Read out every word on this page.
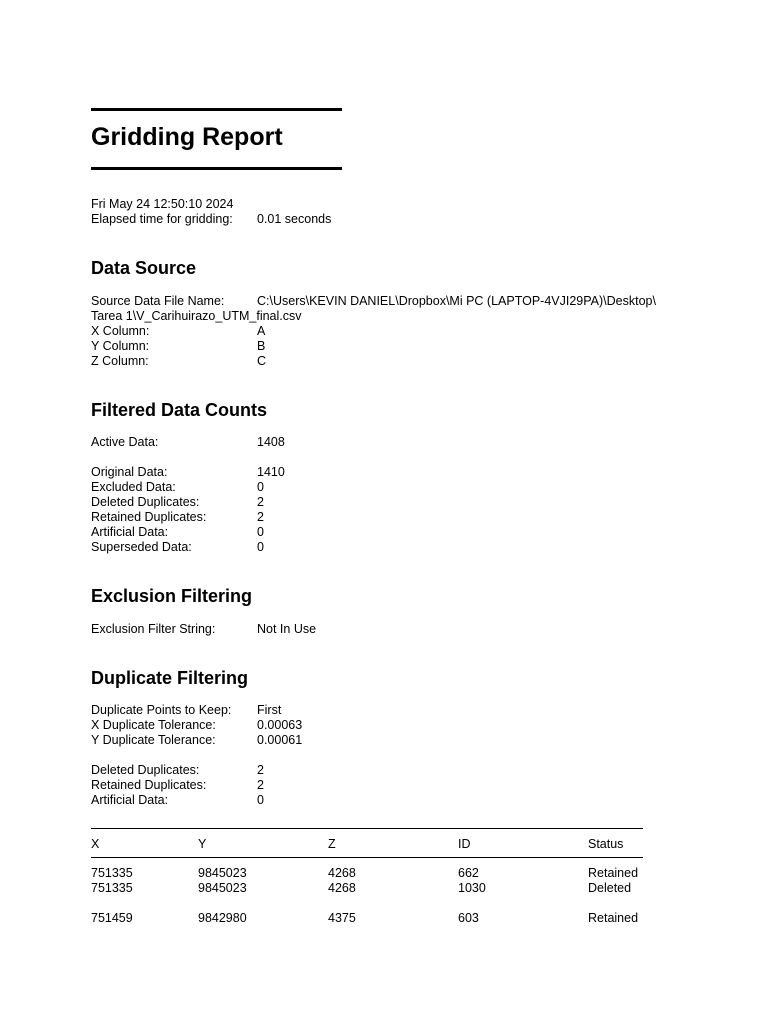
Gridding Report
Fri May 24 12:50:10 2024
Elapsed time for gridding: 0.01 seconds
Data Source
Source Data File Name:	C:\Users\KEVIN DANIEL\Dropbox\Mi PC (LAPTOP-4VJI29PA)\Desktop\
Tarea 1\V_Carihuirazo_UTM_final.csv
X Column:	A
Y Column:	B
Z Column:	C
Filtered Data Counts
Active Data:	1408
Original Data:	1410
Excluded Data:	0
Deleted Duplicates:	2
Retained Duplicates:	2
Artificial Data:	0
Superseded Data:	0
Exclusion Filtering
Exclusion Filter String:	Not In Use
Duplicate Filtering
Duplicate Points to Keep: First
X Duplicate Tolerance:	0.00063
Y Duplicate Tolerance:	0.00061
Deleted Duplicates:	2
Retained Duplicates:	2
Artificial Data:	0
X	Y	Z	ID	Status
751335	9845023	4268	662	Retained
751335	9845023	4268	1030	Deleted
751459	9842980	4375	603	Retained
